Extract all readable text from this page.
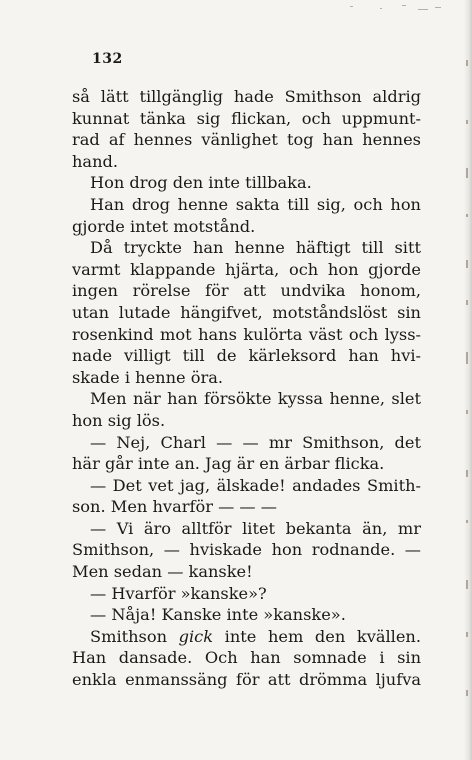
132
så lätt tillgänglig hade Smithson aldrig
kunnat tänka sig flickan, och uppmunt-
rad af hennes vänlighet tog han hennes
hand.
Hon drog den inte tillbaka.
Han drog henne sakta till sig, och hon
gjorde intet motstånd.
Då tryckte han henne häftigt till sitt
varmt klappande hjärta, och hon gjorde
ingen rörelse för att undvika honom,
utan lutade hängifvet, motståndslöst sin
rosenkind mot hans kulörta väst och lyss-
nade villigt till de kärleksord han hvi-
skade i henne öra.
Men när han försökte kyssa henne, slet
hon sig lös.
— Nej, Charl — — mr Smithson, det
här går inte an. Jag är en ärbar flicka.
— Det vet jag, älskade! andades Smith-
son. Men hvarför — — —
— Vi äro alltför litet bekanta än, mr
Smithson, — hviskade hon rodnande. —
Men sedan — kanske!
— Hvarför »kanske»?
— Nåja! Kanske inte »kanske».
Smithson gick inte hem den kvällen.
Han dansade. Och han somnade i sin
enkla enmanssäng för att drömma ljufva
